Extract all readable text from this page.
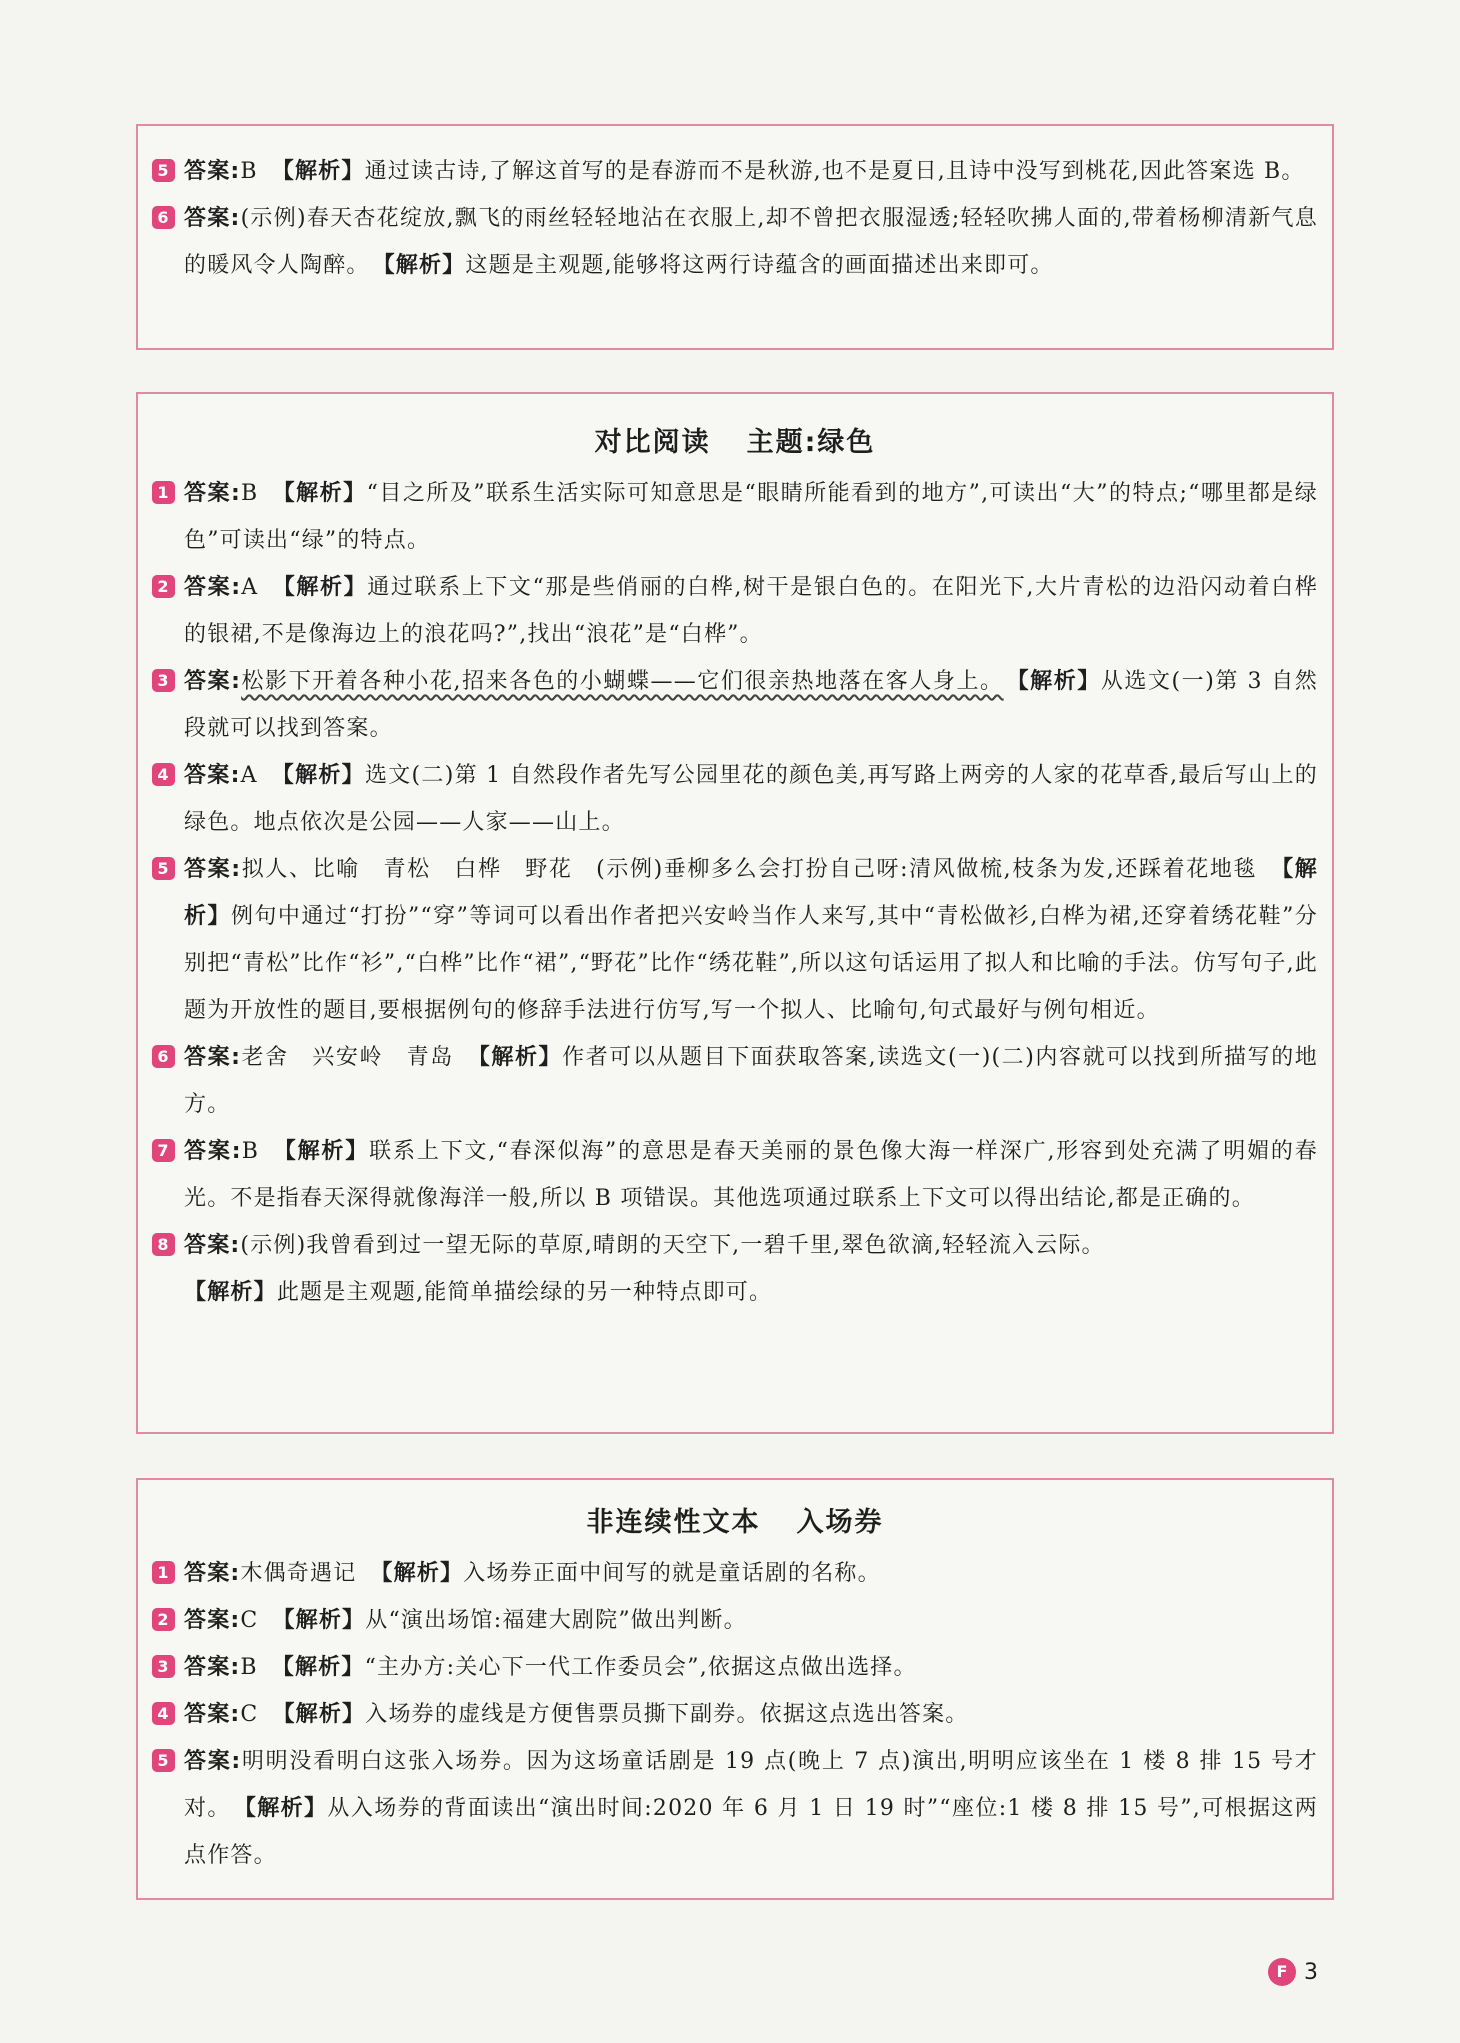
5 答案:B 【解析】通过读古诗,了解这首写的是春游而不是秋游,也不是夏日,且诗中没写到桃花,因此答案选 B。
6 答案:(示例)春天杏花绽放,飘飞的雨丝轻轻地沾在衣服上,却不曾把衣服湿透;轻轻吹拂人面的,带着杨柳清新气息的暖风令人陶醉。 【解析】这题是主观题,能够将这两行诗蕴含的画面描述出来即可。
对比阅读 主题:绿色
1 答案:B 【解析】“目之所及”联系生活实际可知意思是“眼睛所能看到的地方”,可读出“大”的特点;“哪里都是绿色”可读出“绿”的特点。
2 答案:A 【解析】通过联系上下文“那是些俏丽的白桦,树干是银白色的。在阳光下,大片青松的边沿闪动着白桦的银裙,不是像海边上的浪花吗?”,找出“浪花”是“白桦”。
3 答案:松影下开着各种小花,招来各色的小蝴蝶——它们很亲热地落在客人身上。 【解析】从选文(一)第 3 自然段就可以找到答案。
4 答案:A 【解析】选文(二)第 1 自然段作者先写公园里花的颜色美,再写路上两旁的人家的花草香,最后写山上的绿色。地点依次是公园——人家——山上。
5 答案:拟人、比喻　青松　白桦　野花　(示例)垂柳多么会打扮自己呀:清风做梳,枝条为发,还踩着花地毯 【解析】例句中通过“打扮”“穿”等词可以看出作者把兴安岭当作人来写,其中“青松做衫,白桦为裙,还穿着绣花鞋”分别把“青松”比作“衫”,“白桦”比作“裙”,“野花”比作“绣花鞋”,所以这句话运用了拟人和比喻的手法。仿写句子,此题为开放性的题目,要根据例句的修辞手法进行仿写,写一个拟人、比喻句,句式最好与例句相近。
6 答案:老舍　兴安岭　青岛 【解析】作者可以从题目下面获取答案,读选文(一)(二)内容就可以找到所描写的地方。
7 答案:B 【解析】联系上下文,“春深似海”的意思是春天美丽的景色像大海一样深广,形容到处充满了明媚的春光。不是指春天深得就像海洋一般,所以 B 项错误。其他选项通过联系上下文可以得出结论,都是正确的。
8 答案:(示例)我曾看到过一望无际的草原,晴朗的天空下,一碧千里,翠色欲滴,轻轻流入云际。
【解析】此题是主观题,能简单描绘绿的另一种特点即可。
非连续性文本 入场券
1 答案:木偶奇遇记 【解析】入场券正面中间写的就是童话剧的名称。
2 答案:C 【解析】从“演出场馆:福建大剧院”做出判断。
3 答案:B 【解析】“主办方:关心下一代工作委员会”,依据这点做出选择。
4 答案:C 【解析】入场券的虚线是方便售票员撕下副券。依据这点选出答案。
5 答案:明明没看明白这张入场券。因为这场童话剧是 19 点(晚上 7 点)演出,明明应该坐在 1 楼 8 排 15 号才对。 【解析】从入场券的背面读出“演出时间:2020 年 6 月 1 日 19 时”“座位:1 楼 8 排 15 号”,可根据这两点作答。
F 3
